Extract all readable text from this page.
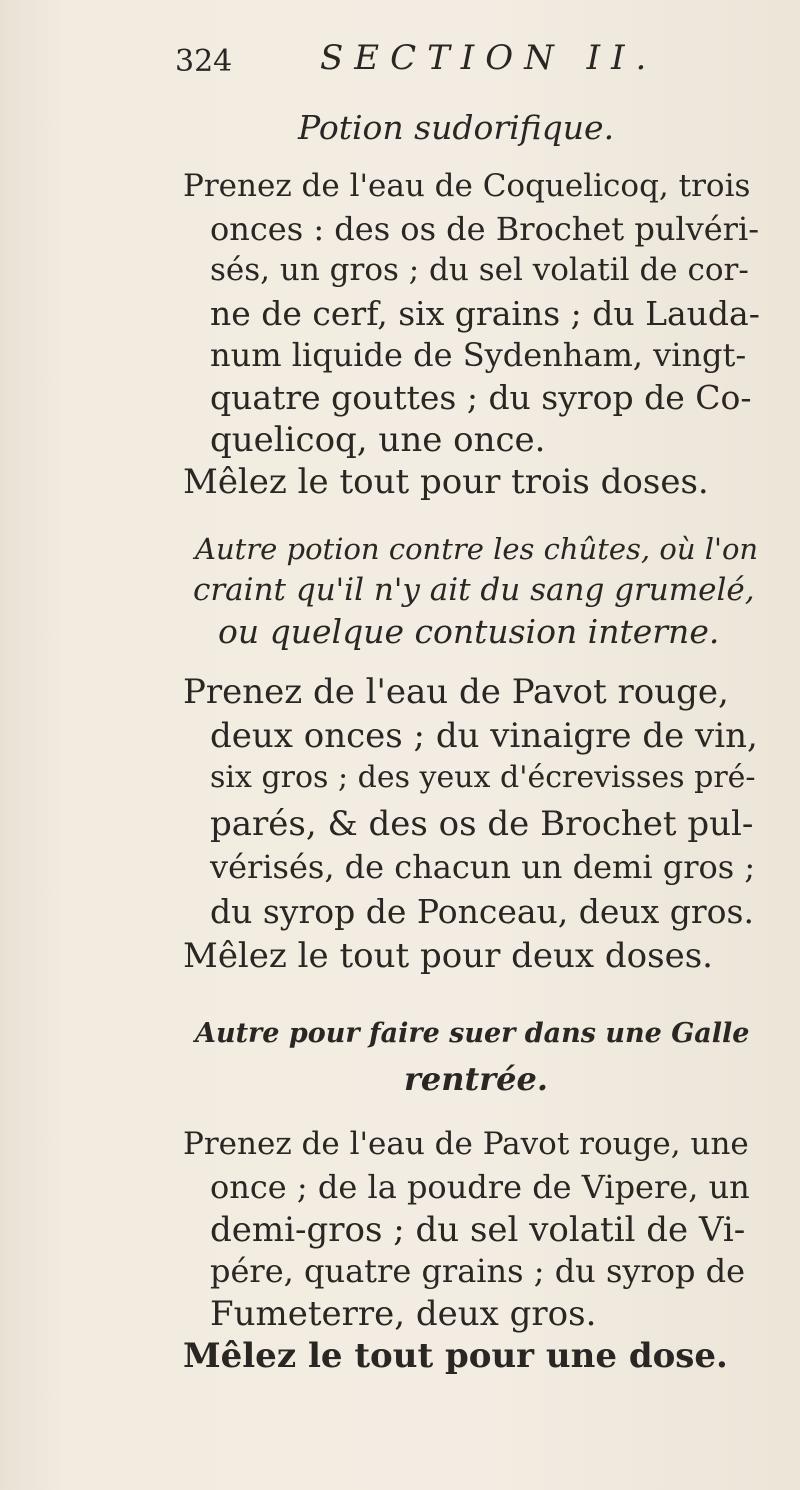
324	SECTION II.
Potion sudorifique.
Prenez de l'eau de Coquelicoq, trois
onces : des os de Brochet pulvéri-
sés, un gros ; du sel volatil de cor-
ne de cerf, six grains ; du Lauda-
num liquide de Sydenham, vingt-
quatre gouttes ; du syrop de Co-
quelicoq, une once.
Mêlez le tout pour trois doses.
Autre potion contre les chûtes, où l'on
craint qu'il n'y ait du sang grumelé,
ou quelque contusion interne.
Prenez de l'eau de Pavot rouge,
deux onces ; du vinaigre de vin,
six gros ; des yeux d'écrevisses pré-
parés, & des os de Brochet pul-
vérisés, de chacun un demi gros ;
du syrop de Ponceau, deux gros.
Mêlez le tout pour deux doses.
Autre pour faire suer dans une Galle
rentrée.
Prenez de l'eau de Pavot rouge, une
once ; de la poudre de Vipere, un
demi-gros ; du sel volatil de Vi-
pére, quatre grains ; du syrop de
Fumeterre, deux gros.
Mêlez le tout pour une dose.
